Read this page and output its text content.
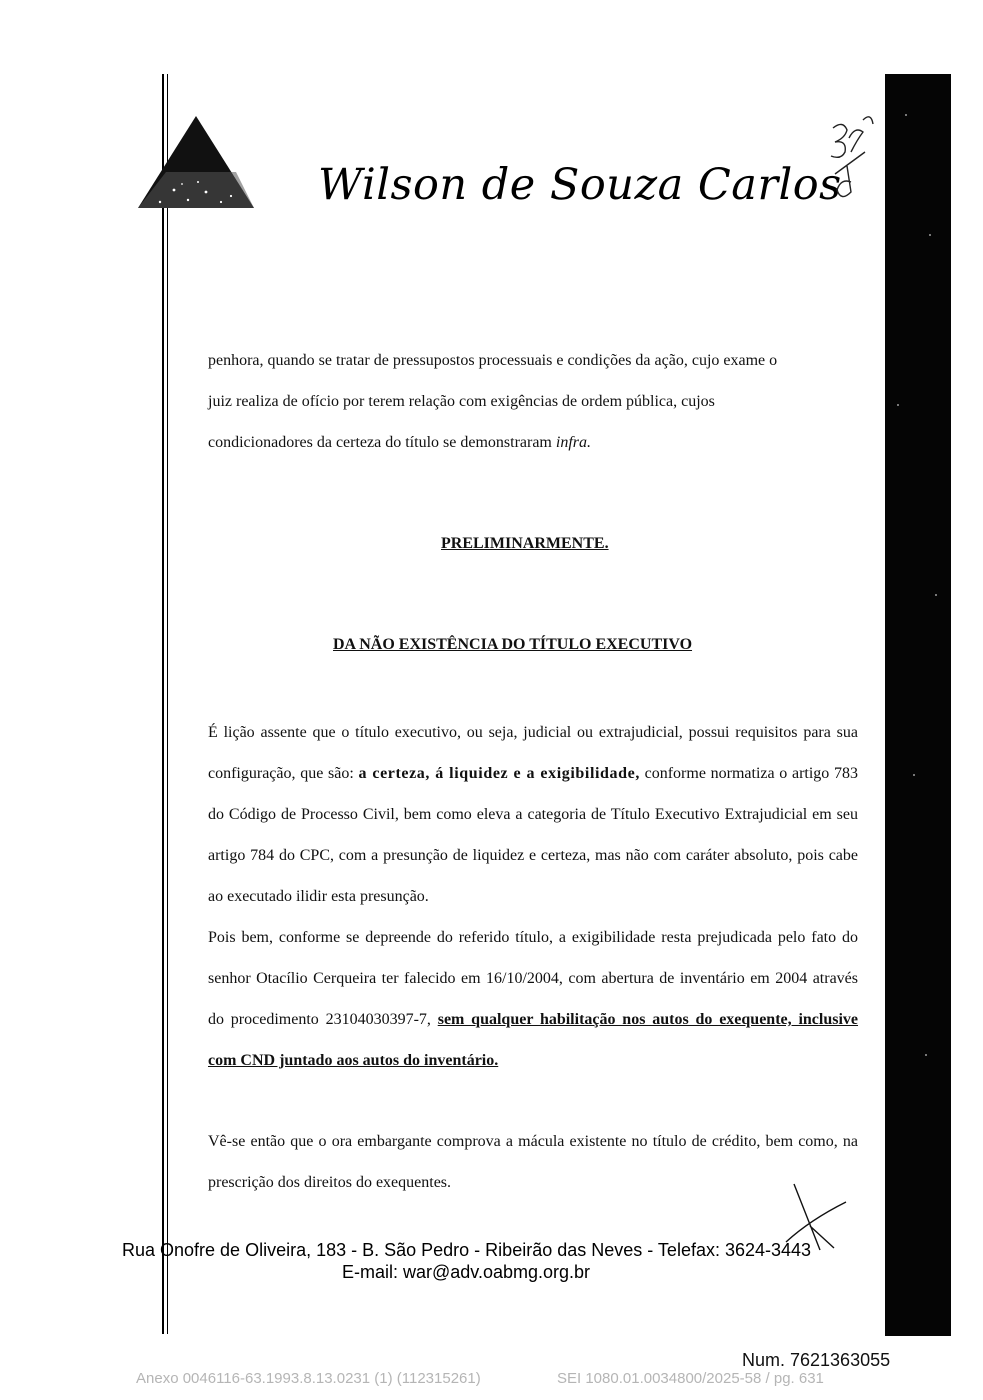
Wilson de Souza Carlos

penhora, quando se tratar de pressupostos processuais e condições da ação, cujo exame o
juiz realiza de ofício por terem relação com exigências de ordem pública, cujos
condicionadores da certeza do título se demonstraram infra.

PRELIMINARMENTE.
DA NÃO EXISTÊNCIA DO TÍTULO EXECUTIVO

É lição assente que o título executivo, ou seja, judicial ou extrajudicial, possui requisitos para sua configuração, que são: a certeza, á liquidez e a exigibilidade, conforme normatiza o artigo 783 do Código de Processo Civil, bem como eleva a categoria de Título Executivo Extrajudicial em seu artigo 784 do CPC, com a presunção de liquidez e certeza, mas não com caráter absoluto, pois cabe ao executado ilidir esta presunção.

Pois bem, conforme se depreende do referido título, a exigibilidade resta prejudicada pelo fato do senhor Otacílio Cerqueira ter falecido em 16/10/2004, com abertura de inventário em 2004 através do procedimento 23104030397-7, sem qualquer habilitação nos autos do exequente, inclusive com CND juntado aos autos do inventário.

Vê-se então que o ora embargante comprova a mácula existente no título de crédito, bem como, na prescrição dos direitos do exequentes.

Rua Onofre de Oliveira, 183 - B. São Pedro - Ribeirão das Neves - Telefax: 3624-3443
E-mail: war@adv.oabmg.org.br
Num. 7621363055
Anexo 0046116-63.1993.8.13.0231 (1) (112315261)	SEI 1080.01.0034800/2025-58 / pg. 631
